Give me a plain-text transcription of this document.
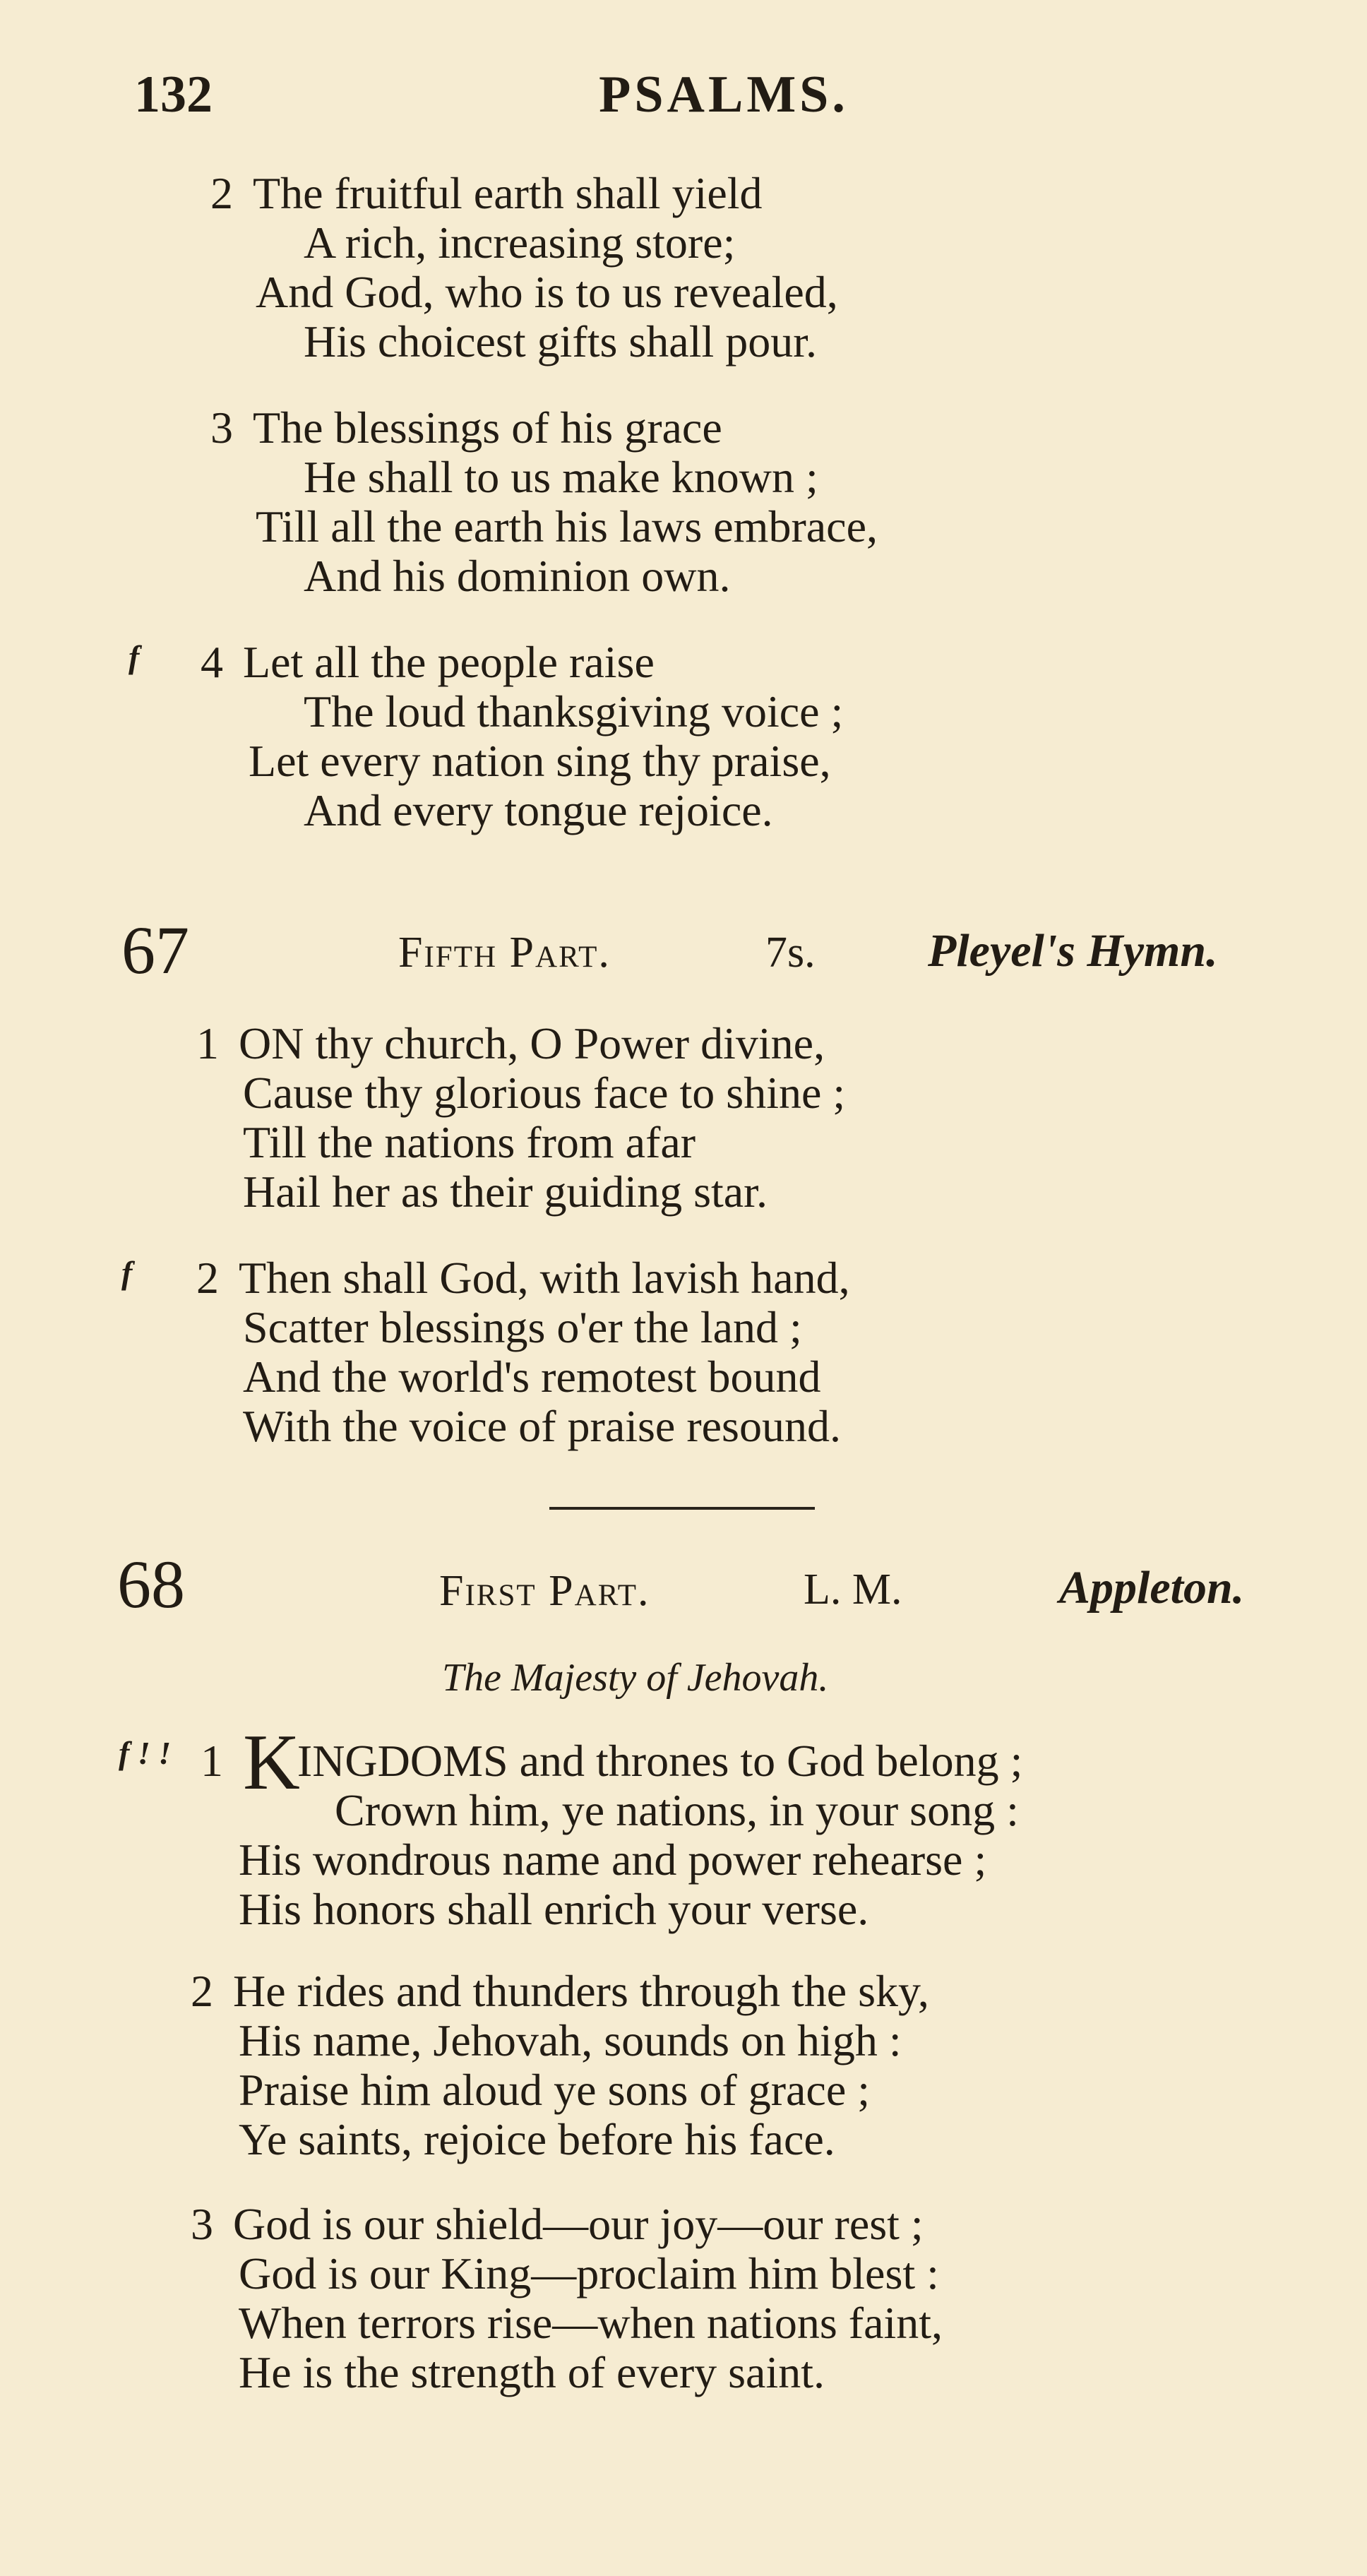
132	PSALMS.
2 The fruitful earth shall yield
A rich, increasing store;
And God, who is to us revealed,
His choicest gifts shall pour.
3 The blessings of his grace
He shall to us make known ;
Till all the earth his laws embrace,
And his dominion own.
f 4 Let all the people raise
The loud thanksgiving voice ;
Let every nation sing thy praise,
And every tongue rejoice.
67	Fifth Part.	7s. Pleyel's Hymn.
1 ON thy church, O Power divine,
Cause thy glorious face to shine ;
Till the nations from afar
Hail her as their guiding star.
f 2 Then shall God, with lavish hand,
Scatter blessings o'er the land ;
And the world's remotest bound
With the voice of praise resound.
68	First Part.	L. M.	Appleton.
The Majesty of Jehovah.
f ! ! 1 KINGDOMS and thrones to God belong ;
Crown him, ye nations, in your song :
His wondrous name and power rehearse ;
His honors shall enrich your verse.
2 He rides and thunders through the sky,
His name, Jehovah, sounds on high :
Praise him aloud ye sons of grace ;
Ye saints, rejoice before his face.
3 God is our shield—our joy—our rest ;
God is our King—proclaim him blest :
When terrors rise—when nations faint,
He is the strength of every saint.
